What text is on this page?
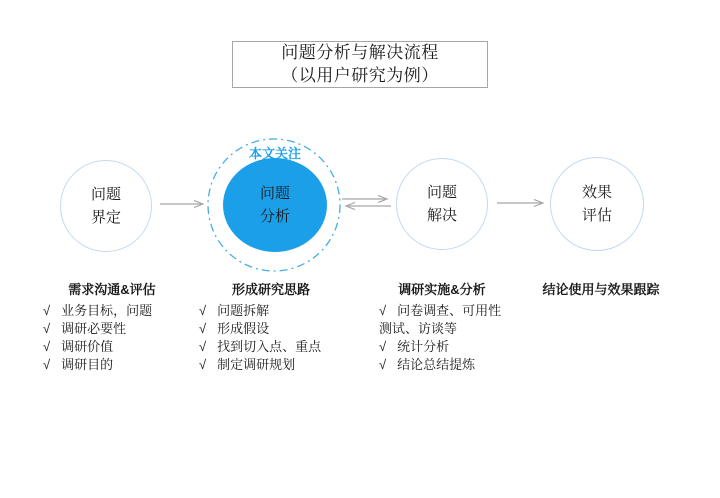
问题分析与解决流程
（以用户研究为例）
问题
界定
问题
分析
问题
解决
效果
评估
本文关注
需求沟通&评估
√ 业务目标，问题
√ 调研必要性
√ 调研价值
√ 调研目的
形成研究思路
√ 问题拆解
√ 形成假设
√ 找到切入点、重点
√ 制定调研规划
调研实施&分析
√ 问卷调查、可用性测试、访谈等
√ 统计分析
√ 结论总结提炼
结论使用与效果跟踪
